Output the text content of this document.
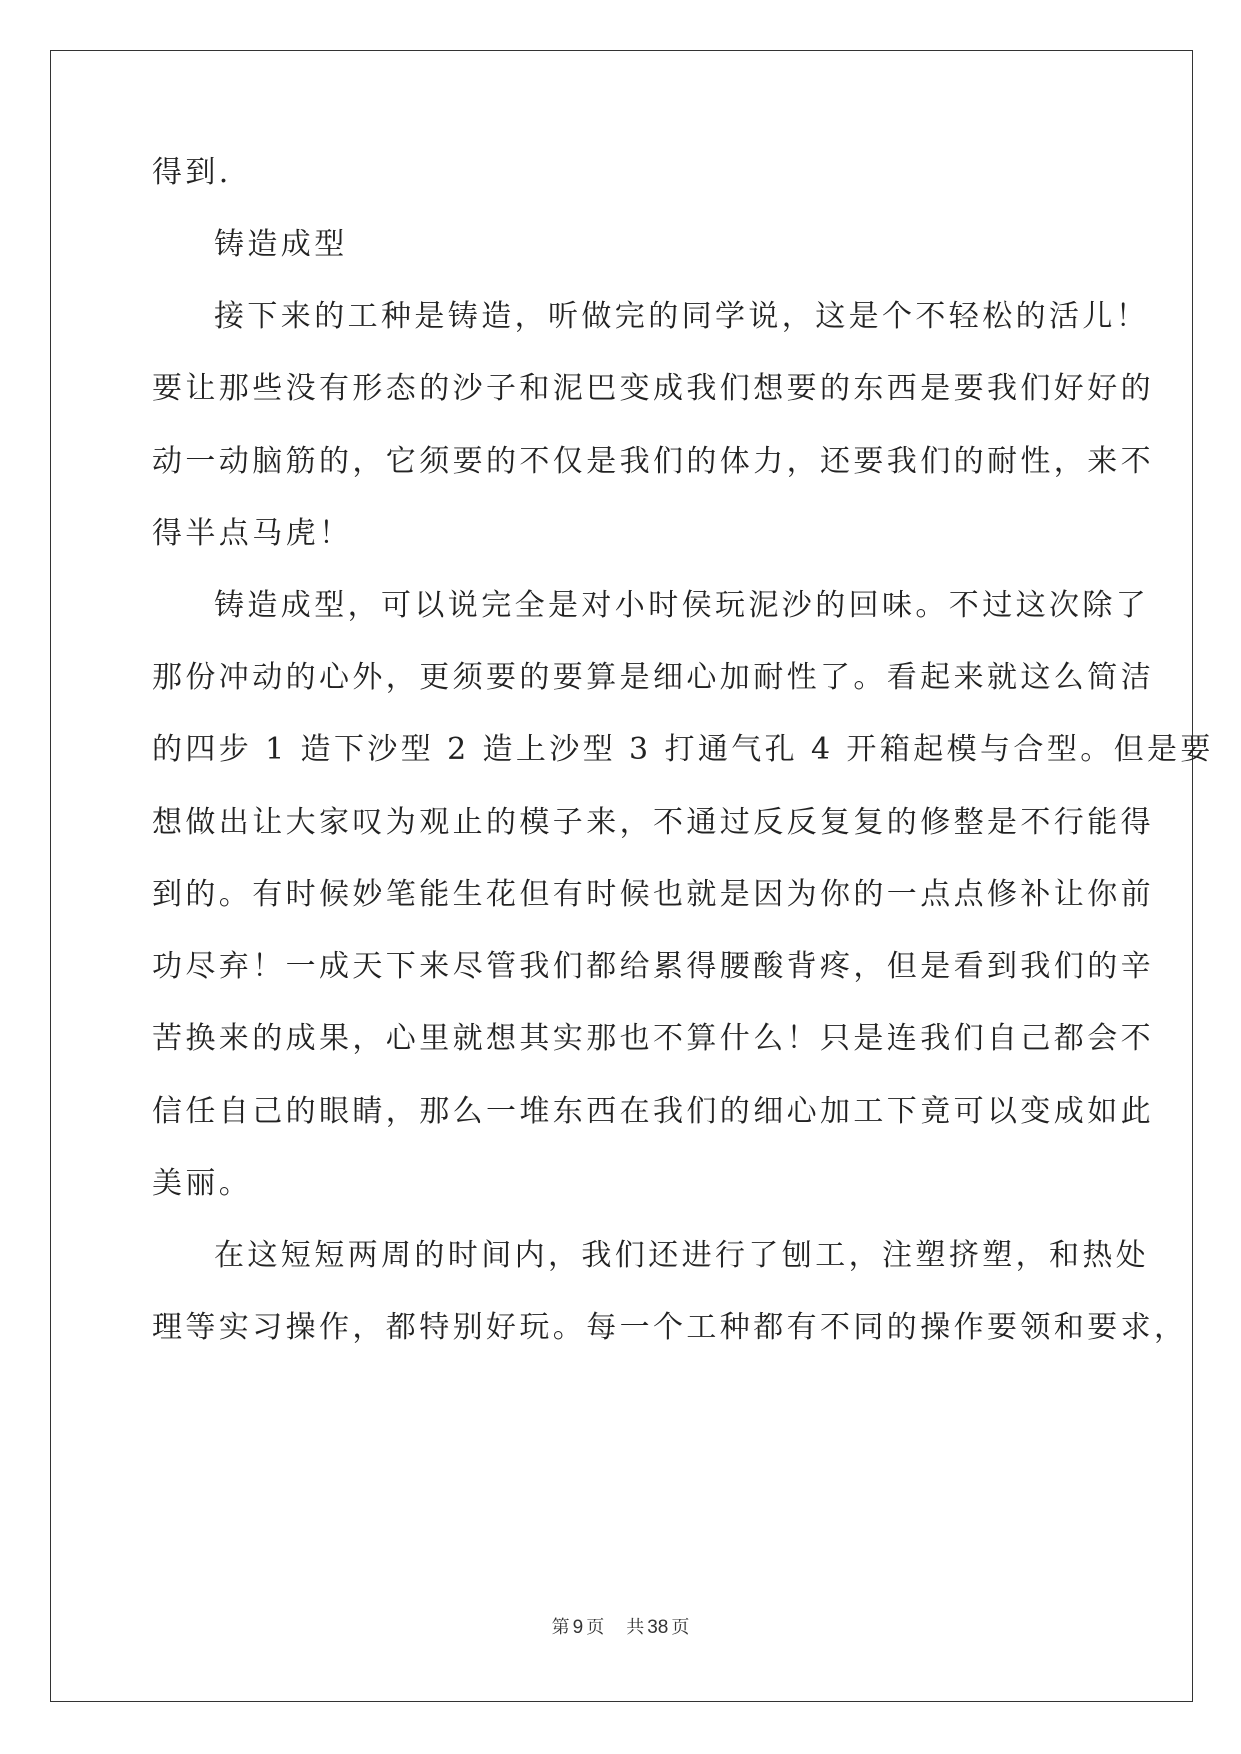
得到.
铸造成型
接下来的工种是铸造，听做完的同学说，这是个不轻松的活儿！
要让那些没有形态的沙子和泥巴变成我们想要的东西是要我们好好的
动一动脑筋的，它须要的不仅是我们的体力，还要我们的耐性，来不
得半点马虎！
铸造成型，可以说完全是对小时侯玩泥沙的回味。不过这次除了
那份冲动的心外，更须要的要算是细心加耐性了。看起来就这么简洁
的四步 1 造下沙型 2 造上沙型 3 打通气孔 4 开箱起模与合型。但是要
想做出让大家叹为观止的模子来，不通过反反复复的修整是不行能得
到的。有时候妙笔能生花但有时候也就是因为你的一点点修补让你前
功尽弃！一成天下来尽管我们都给累得腰酸背疼，但是看到我们的辛
苦换来的成果，心里就想其实那也不算什么！只是连我们自己都会不
信任自己的眼睛，那么一堆东西在我们的细心加工下竟可以变成如此
美丽。
在这短短两周的时间内，我们还进行了刨工，注塑挤塑，和热处
理等实习操作，都特别好玩。每一个工种都有不同的操作要领和要求，
第 9 页 共 38 页
